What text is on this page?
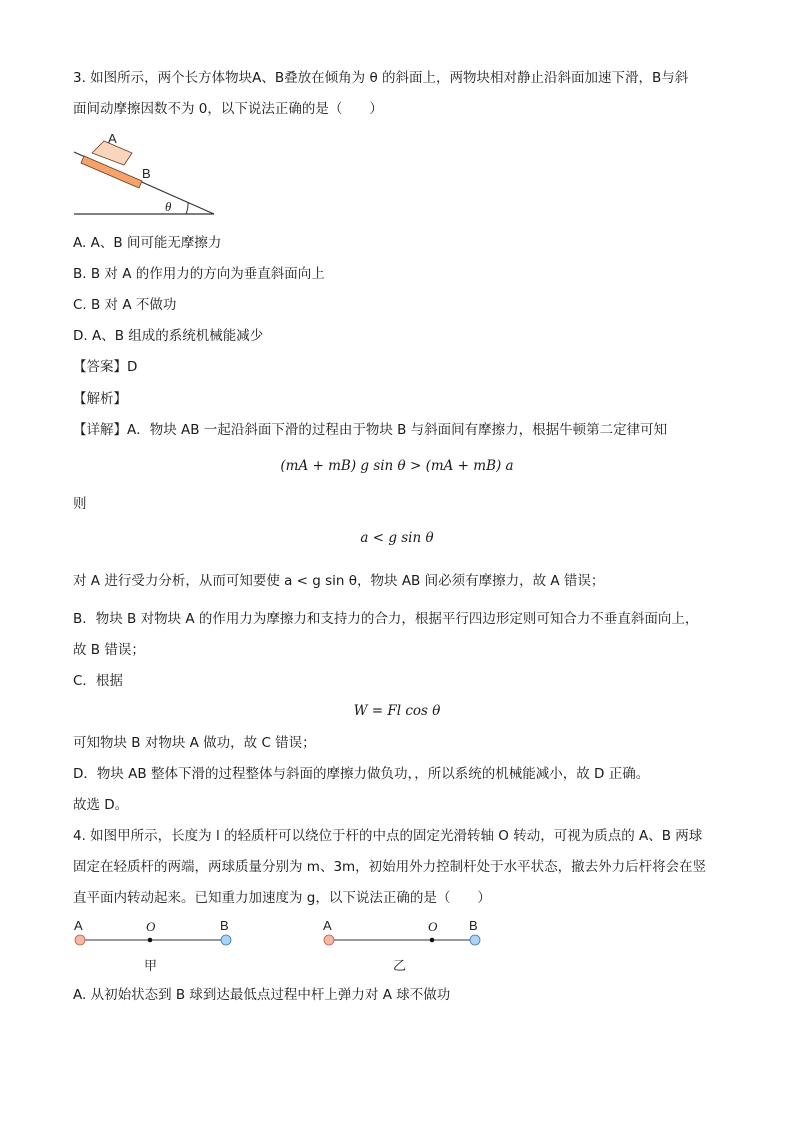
3. 如图所示，两个长方体物块A、B叠放在倾角为 θ 的斜面上，两物块相对静止沿斜面加速下滑，B与斜
面间动摩擦因数不为 0，以下说法正确的是（　　）
A
B
θ
A. A、B 间可能无摩擦力
B. B 对 A 的作用力的方向为垂直斜面向上
C. B 对 A 不做功
D. A、B 组成的系统机械能减少
【答案】D
【解析】
【详解】A．物块 AB 一起沿斜面下滑的过程由于物块 B 与斜面间有摩擦力，根据牛顿第二定律可知
(mA + mB) g sin θ > (mA + mB) a
则
a < g sin θ
对 A 进行受力分析，从而可知要使 a < g sin θ，物块 AB 间必须有摩擦力，故 A 错误；
B．物块 B 对物块 A 的作用力为摩擦力和支持力的合力，根据平行四边形定则可知合力不垂直斜面向上，
故 B 错误；
C．根据
W = Fl cos θ
可知物块 B 对物块 A 做功，故 C 错误；
D．物块 AB 整体下滑的过程整体与斜面的摩擦力做负功，，所以系统的机械能减小，故 D 正确。
故选 D。
4. 如图甲所示，长度为 l 的轻质杆可以绕位于杆的中点的固定光滑转轴 O 转动，可视为质点的 A、B 两球
固定在轻质杆的两端，两球质量分别为 m、3m，初始用外力控制杆处于水平状态，撤去外力后杆将会在竖
直平面内转动起来。已知重力加速度为 g，以下说法正确的是（　　）
A	O	B
甲
A	O B
乙
A. 从初始状态到 B 球到达最低点过程中杆上弹力对 A 球不做功
